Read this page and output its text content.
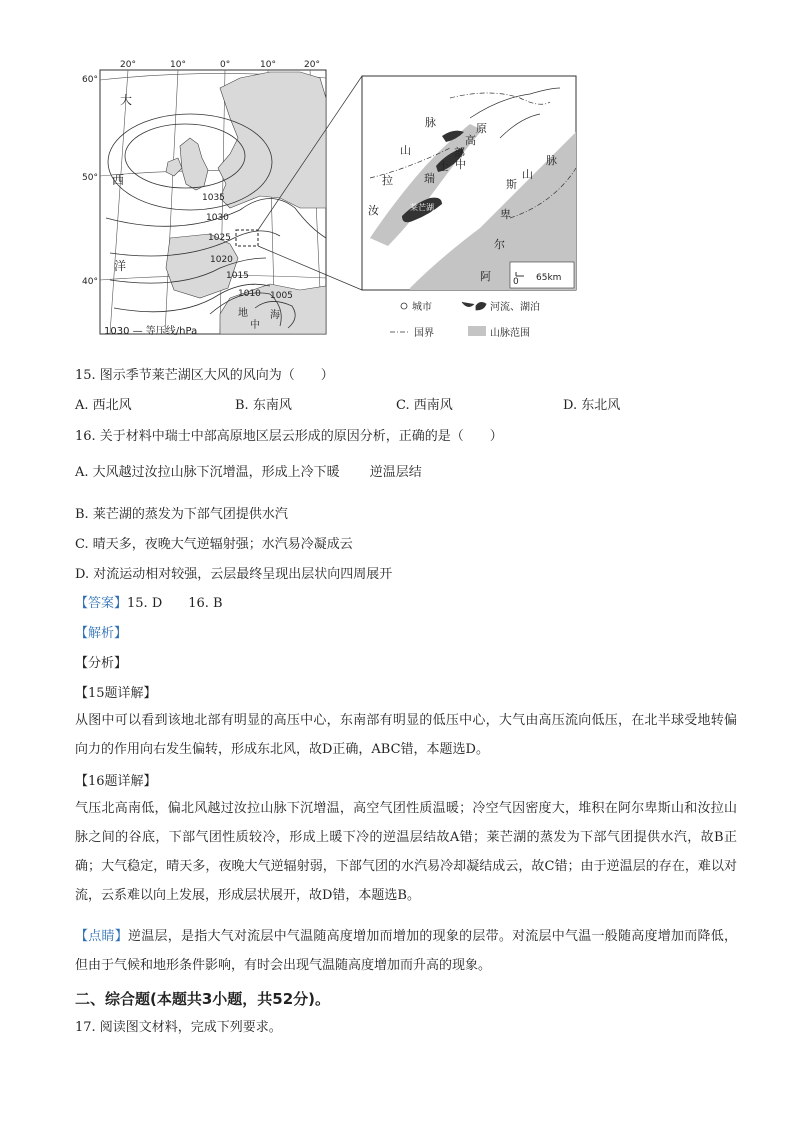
20°	10°	0°	10°	20°
60°
50°
40°
大
西
洋
地
中
海
1035
1030
1025
1020
1015
1010 1005
1030 — 等压线/hPa
脉
山
拉
汝
瑞
士 中
部
高
原
莱芒湖
阿
尔
卑
斯
山
脉
0 65km
城市	河流、湖泊
国界	山脉范围
15. 图示季节莱芒湖区大风的风向为（　　）
A. 西北风	B. 东南风	C. 西南风	D. 东北风
16. 关于材料中瑞士中部高原地区层云形成的原因分析，正确的是（　　）
A. 大风越过汝拉山脉下沉增温，形成上冷下暖　　 逆温层结
B. 莱芒湖的蒸发为下部气团提供水汽
C. 晴天多，夜晚大气逆辐射强；水汽易冷凝成云
D. 对流运动相对较强，云层最终呈现出层状向四周展开
【答案】15. D　　16. B
【解析】
【分析】
【15题详解】
从图中可以看到该地北部有明显的高压中心，东南部有明显的低压中心，大气由高压流向低压，在北半球受地转偏向力的作用向右发生偏转，形成东北风，故D正确，ABC错，本题选D。
【16题详解】
气压北高南低，偏北风越过汝拉山脉下沉增温，高空气团性质温暖；冷空气因密度大，堆积在阿尔卑斯山和汝拉山脉之间的谷底，下部气团性质较冷，形成上暖下冷的逆温层结故A错；莱芒湖的蒸发为下部气团提供水汽，故B正确；大气稳定，晴天多，夜晚大气逆辐射弱，下部气团的水汽易冷却凝结成云，故C错；由于逆温层的存在，难以对流，云系难以向上发展，形成层状展开，故D错，本题选B。
【点睛】逆温层，是指大气对流层中气温随高度增加而增加的现象的层带。对流层中气温一般随高度增加而降低，但由于气候和地形条件影响，有时会出现气温随高度增加而升高的现象。
二、综合题(本题共3小题，共52分)。
17. 阅读图文材料，完成下列要求。
